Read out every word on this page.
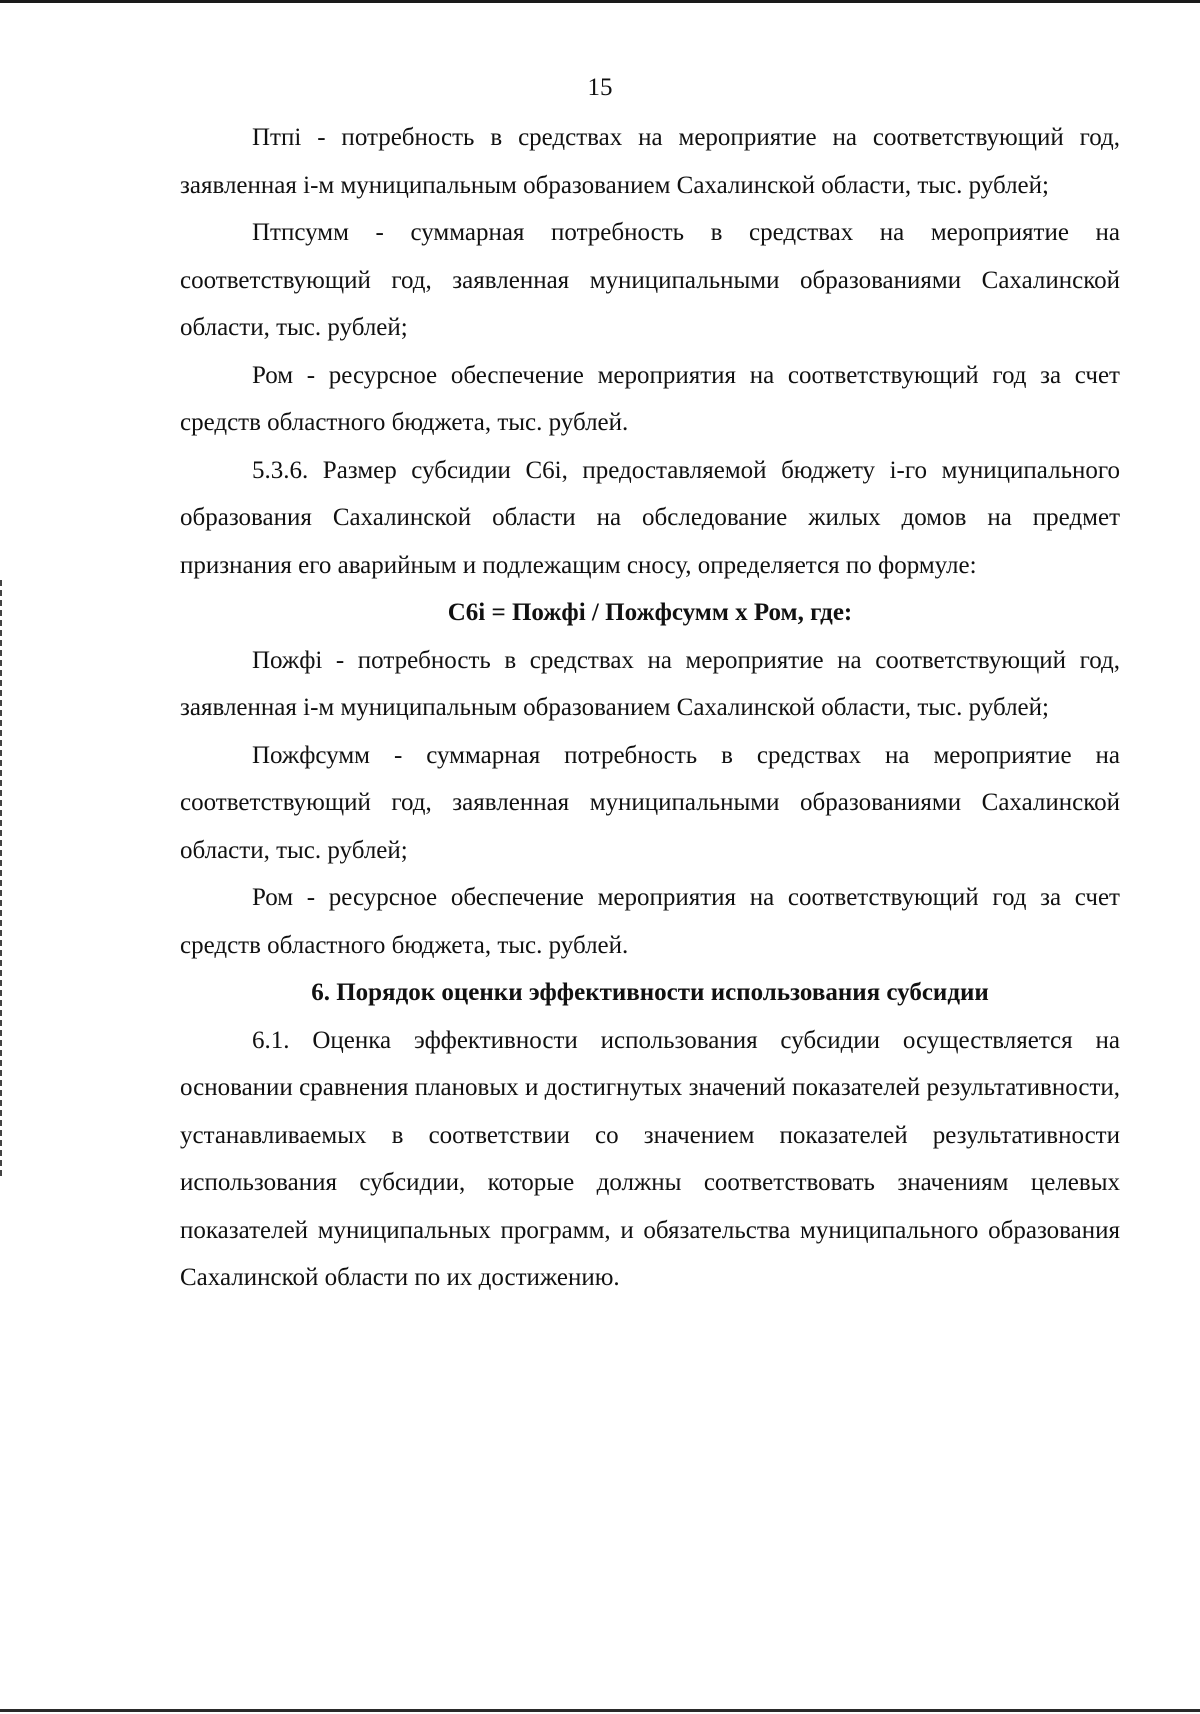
15

Птпi - потребность в средствах на мероприятие на соответствующий год, заявленная i-м муниципальным образованием Сахалинской области, тыс. рублей;

Птпсумм - суммарная потребность в средствах на мероприятие на соответствующий год, заявленная муниципальными образованиями Сахалинской области, тыс. рублей;

Ром - ресурсное обеспечение мероприятия на соответствующий год за счет средств областного бюджета, тыс. рублей.

5.3.6. Размер субсидии С6i, предоставляемой бюджету i-го муниципального образования Сахалинской области на обследование жилых домов на предмет признания его аварийным и подлежащим сносу, определяется по формуле:

С6i = Пожфi / Пожфсумм х Ром, где:

Пожфi - потребность в средствах на мероприятие на соответствующий год, заявленная i-м муниципальным образованием Сахалинской области, тыс. рублей;

Пожфсумм - суммарная потребность в средствах на мероприятие на соответствующий год, заявленная муниципальными образованиями Сахалинской области, тыс. рублей;

Ром - ресурсное обеспечение мероприятия на соответствующий год за счет средств областного бюджета, тыс. рублей.

6. Порядок оценки эффективности использования субсидии

6.1. Оценка эффективности использования субсидии осуществляется на основании сравнения плановых и достигнутых значений показателей результативности, устанавливаемых в соответствии со значением показателей результативности использования субсидии, которые должны соответствовать значениям целевых показателей муниципальных программ, и обязательства муниципального образования Сахалинской области по их достижению.
